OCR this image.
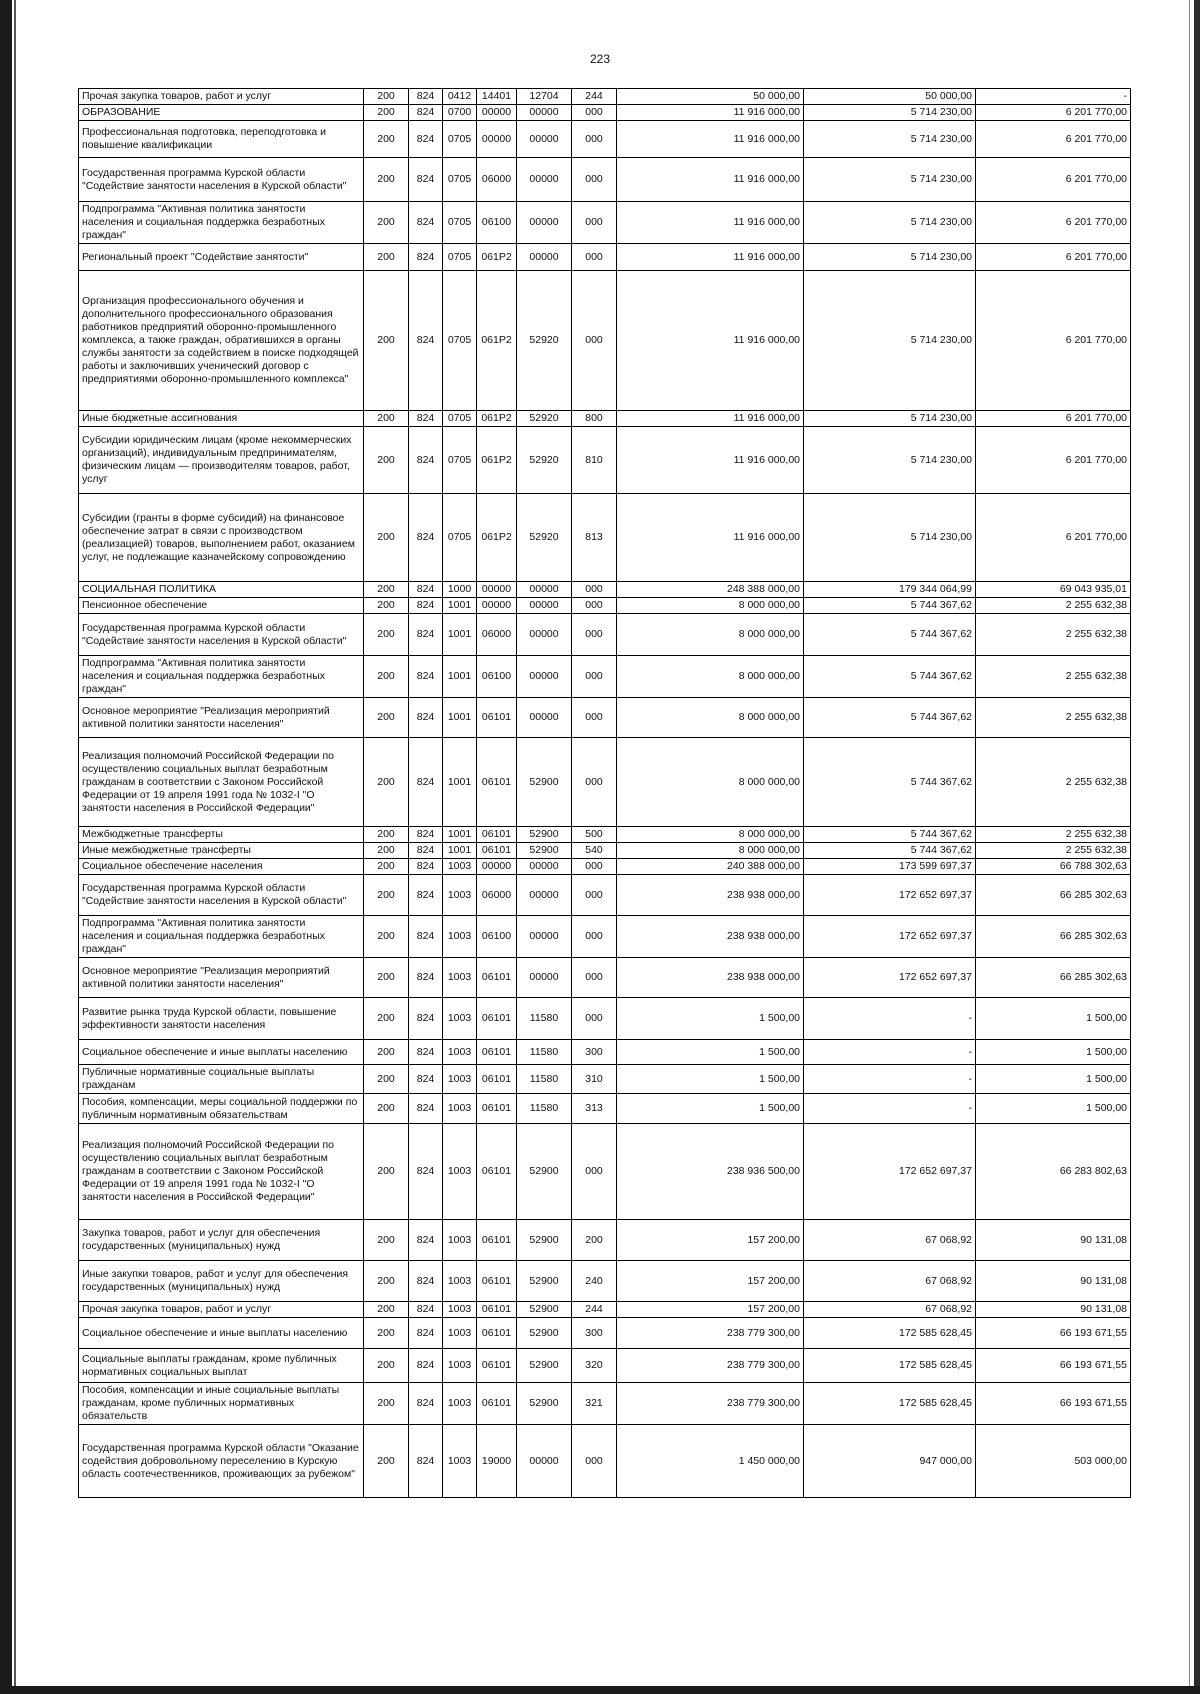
223
Прочая закупка товаров, работ и услуг	200	824	0412	14401	12704	244	50 000,00	50 000,00	-
ОБРАЗОВАНИЕ	200	824	0700	00000	00000	000	11 916 000,00	5 714 230,00	6 201 770,00
Профессиональная подготовка, переподготовка и повышение квалификации	200	824	0705	00000	00000	000	11 916 000,00	5 714 230,00	6 201 770,00
Государственная программа Курской области "Содействие занятости населения в Курской области"	200	824	0705	06000	00000	000	11 916 000,00	5 714 230,00	6 201 770,00
Подпрограмма "Активная политика занятости населения и социальная поддержка безработных граждан"	200	824	0705	06100	00000	000	11 916 000,00	5 714 230,00	6 201 770,00
Региональный проект "Содействие занятости"	200	824	0705	061P2	00000	000	11 916 000,00	5 714 230,00	6 201 770,00
Организация профессионального обучения и дополнительного профессионального образования работников предприятий оборонно-промышленного комплекса, а также граждан, обратившихся в органы службы занятости за содействием в поиске подходящей работы и заключивших ученический договор с предприятиями оборонно-промышленного комплекса"	200	824	0705	061P2	52920	000	11 916 000,00	5 714 230,00	6 201 770,00
Иные бюджетные ассигнования	200	824	0705	061P2	52920	800	11 916 000,00	5 714 230,00	6 201 770,00
Субсидии юридическим лицам (кроме некоммерческих организаций), индивидуальным предпринимателям, физическим лицам — производителям товаров, работ, услуг	200	824	0705	061P2	52920	810	11 916 000,00	5 714 230,00	6 201 770,00
Субсидии (гранты в форме субсидий) на финансовое обеспечение затрат в связи с производством (реализацией) товаров, выполнением работ, оказанием услуг, не подлежащие казначейскому сопровождению	200	824	0705	061P2	52920	813	11 916 000,00	5 714 230,00	6 201 770,00
СОЦИАЛЬНАЯ ПОЛИТИКА	200	824	1000	00000	00000	000	248 388 000,00	179 344 064,99	69 043 935,01
Пенсионное обеспечение	200	824	1001	00000	00000	000	8 000 000,00	5 744 367,62	2 255 632,38
Государственная программа Курской области "Содействие занятости населения в Курской области"	200	824	1001	06000	00000	000	8 000 000,00	5 744 367,62	2 255 632,38
Подпрограмма "Активная политика занятости населения и социальная поддержка безработных граждан"	200	824	1001	06100	00000	000	8 000 000,00	5 744 367,62	2 255 632,38
Основное мероприятие "Реализация мероприятий активной политики занятости населения"	200	824	1001	06101	00000	000	8 000 000,00	5 744 367,62	2 255 632,38
Реализация полномочий Российской Федерации по осуществлению социальных выплат безработным гражданам в соответствии с Законом Российской Федерации от 19 апреля 1991 года № 1032-I "О занятости населения в Российской Федерации"	200	824	1001	06101	52900	000	8 000 000,00	5 744 367,62	2 255 632,38
Межбюджетные трансферты	200	824	1001	06101	52900	500	8 000 000,00	5 744 367,62	2 255 632,38
Иные межбюджетные трансферты	200	824	1001	06101	52900	540	8 000 000,00	5 744 367,62	2 255 632,38
Социальное обеспечение населения	200	824	1003	00000	00000	000	240 388 000,00	173 599 697,37	66 788 302,63
Государственная программа Курской области "Содействие занятости населения в Курской области"	200	824	1003	06000	00000	000	238 938 000,00	172 652 697,37	66 285 302,63
Подпрограмма "Активная политика занятости населения и социальная поддержка безработных граждан"	200	824	1003	06100	00000	000	238 938 000,00	172 652 697,37	66 285 302,63
Основное мероприятие "Реализация мероприятий активной политики занятости населения"	200	824	1003	06101	00000	000	238 938 000,00	172 652 697,37	66 285 302,63
Развитие рынка труда Курской области, повышение эффективности занятости населения	200	824	1003	06101	11580	000	1 500,00	-	1 500,00
Социальное обеспечение и иные выплаты населению	200	824	1003	06101	11580	300	1 500,00	-	1 500,00
Публичные нормативные социальные выплаты гражданам	200	824	1003	06101	11580	310	1 500,00	-	1 500,00
Пособия, компенсации, меры социальной поддержки по публичным нормативным обязательствам	200	824	1003	06101	11580	313	1 500,00	-	1 500,00
Реализация полномочий Российской Федерации по осуществлению социальных выплат безработным гражданам в соответствии с Законом Российской Федерации от 19 апреля 1991 года № 1032-I "О занятости населения в Российской Федерации"	200	824	1003	06101	52900	000	238 936 500,00	172 652 697,37	66 283 802,63
Закупка товаров, работ и услуг для обеспечения государственных (муниципальных) нужд	200	824	1003	06101	52900	200	157 200,00	67 068,92	90 131,08
Иные закупки товаров, работ и услуг для обеспечения государственных (муниципальных) нужд	200	824	1003	06101	52900	240	157 200,00	67 068,92	90 131,08
Прочая закупка товаров, работ и услуг	200	824	1003	06101	52900	244	157 200,00	67 068,92	90 131,08
Социальное обеспечение и иные выплаты населению	200	824	1003	06101	52900	300	238 779 300,00	172 585 628,45	66 193 671,55
Социальные выплаты гражданам, кроме публичных нормативных социальных выплат	200	824	1003	06101	52900	320	238 779 300,00	172 585 628,45	66 193 671,55
Пособия, компенсации и иные социальные выплаты гражданам, кроме публичных нормативных обязательств	200	824	1003	06101	52900	321	238 779 300,00	172 585 628,45	66 193 671,55
Государственная программа Курской области "Оказание содействия добровольному переселению в Курскую область соотечественников, проживающих за рубежом"	200	824	1003	19000	00000	000	1 450 000,00	947 000,00	503 000,00
